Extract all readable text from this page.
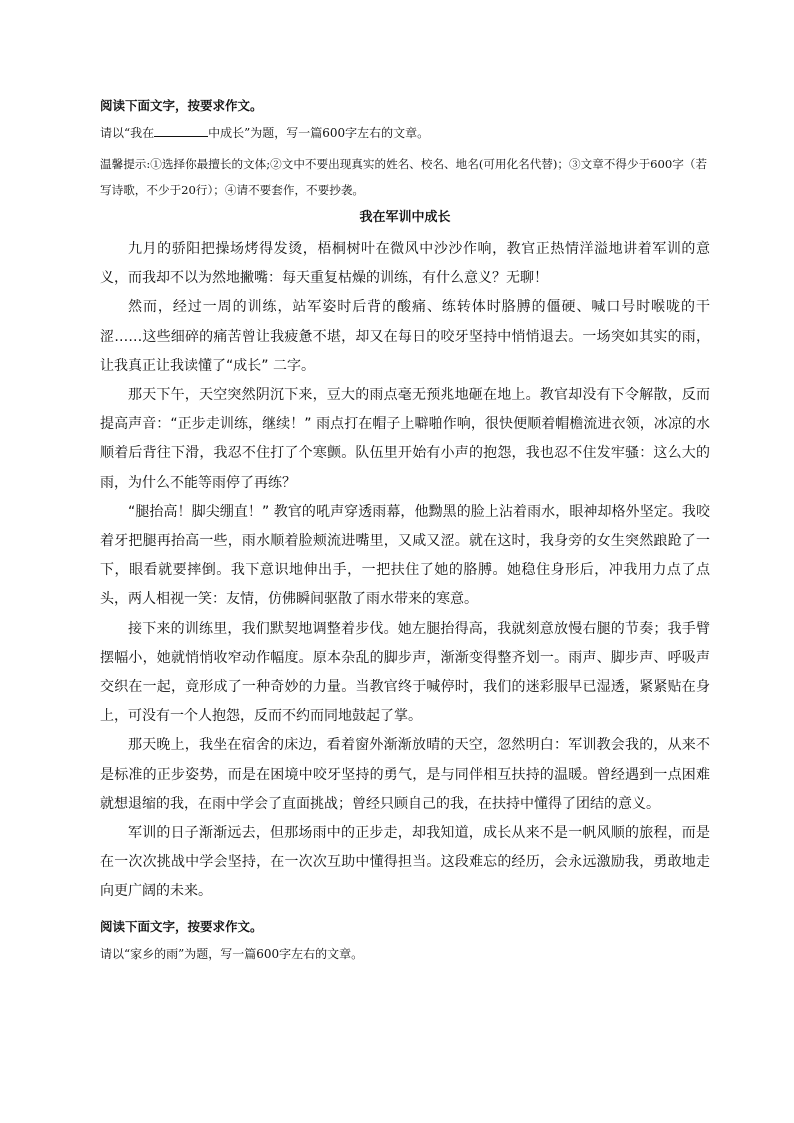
阅读下面文字，按要求作文。

请以“我在	中成长”为题，写一篇600字左右的文章。

温馨提示:①选择你最擅长的文体;②文中不要出现真实的姓名、校名、地名(可用化名代替)；③文章不得少于600字（若写诗歌，不少于20行）；④请不要套作，不要抄袭。

我在军训中成长

九月的骄阳把操场烤得发烫，梧桐树叶在微风中沙沙作响，教官正热情洋溢地讲着军训的意义，而我却不以为然地撇嘴：每天重复枯燥的训练，有什么意义？无聊！

然而，经过一周的训练，站军姿时后背的酸痛、练转体时胳膊的僵硬、喊口号时喉咙的干涩……这些细碎的痛苦曾让我疲惫不堪，却又在每日的咬牙坚持中悄悄退去。一场突如其实的雨，让我真正让我读懂了“成长” 二字。

那天下午，天空突然阴沉下来，豆大的雨点毫无预兆地砸在地上。教官却没有下令解散，反而提高声音：“正步走训练，继续！” 雨点打在帽子上噼啪作响，很快便顺着帽檐流进衣领，冰凉的水顺着后背往下滑，我忍不住打了个寒颤。队伍里开始有小声的抱怨，我也忍不住发牢骚：这么大的雨，为什么不能等雨停了再练？

“腿抬高！脚尖绷直！” 教官的吼声穿透雨幕，他黝黑的脸上沾着雨水，眼神却格外坚定。我咬着牙把腿再抬高一些，雨水顺着脸颊流进嘴里，又咸又涩。就在这时，我身旁的女生突然踉跄了一下，眼看就要摔倒。我下意识地伸出手，一把扶住了她的胳膊。她稳住身形后，冲我用力点了点头，两人相视一笑：友情，仿佛瞬间驱散了雨水带来的寒意。

接下来的训练里，我们默契地调整着步伐。她左腿抬得高，我就刻意放慢右腿的节奏；我手臂摆幅小，她就悄悄收窄动作幅度。原本杂乱的脚步声，渐渐变得整齐划一。雨声、脚步声、呼吸声交织在一起，竟形成了一种奇妙的力量。当教官终于喊停时，我们的迷彩服早已湿透，紧紧贴在身上，可没有一个人抱怨，反而不约而同地鼓起了掌。

那天晚上，我坐在宿舍的床边，看着窗外渐渐放晴的天空，忽然明白：军训教会我的，从来不是标准的正步姿势，而是在困境中咬牙坚持的勇气，是与同伴相互扶持的温暖。曾经遇到一点困难就想退缩的我，在雨中学会了直面挑战；曾经只顾自己的我，在扶持中懂得了团结的意义。

军训的日子渐渐远去，但那场雨中的正步走，却我知道，成长从来不是一帆风顺的旅程，而是在一次次挑战中学会坚持，在一次次互助中懂得担当。这段难忘的经历，会永远激励我，勇敢地走向更广阔的未来。

阅读下面文字，按要求作文。

请以“家乡的雨”为题，写一篇600字左右的文章。
